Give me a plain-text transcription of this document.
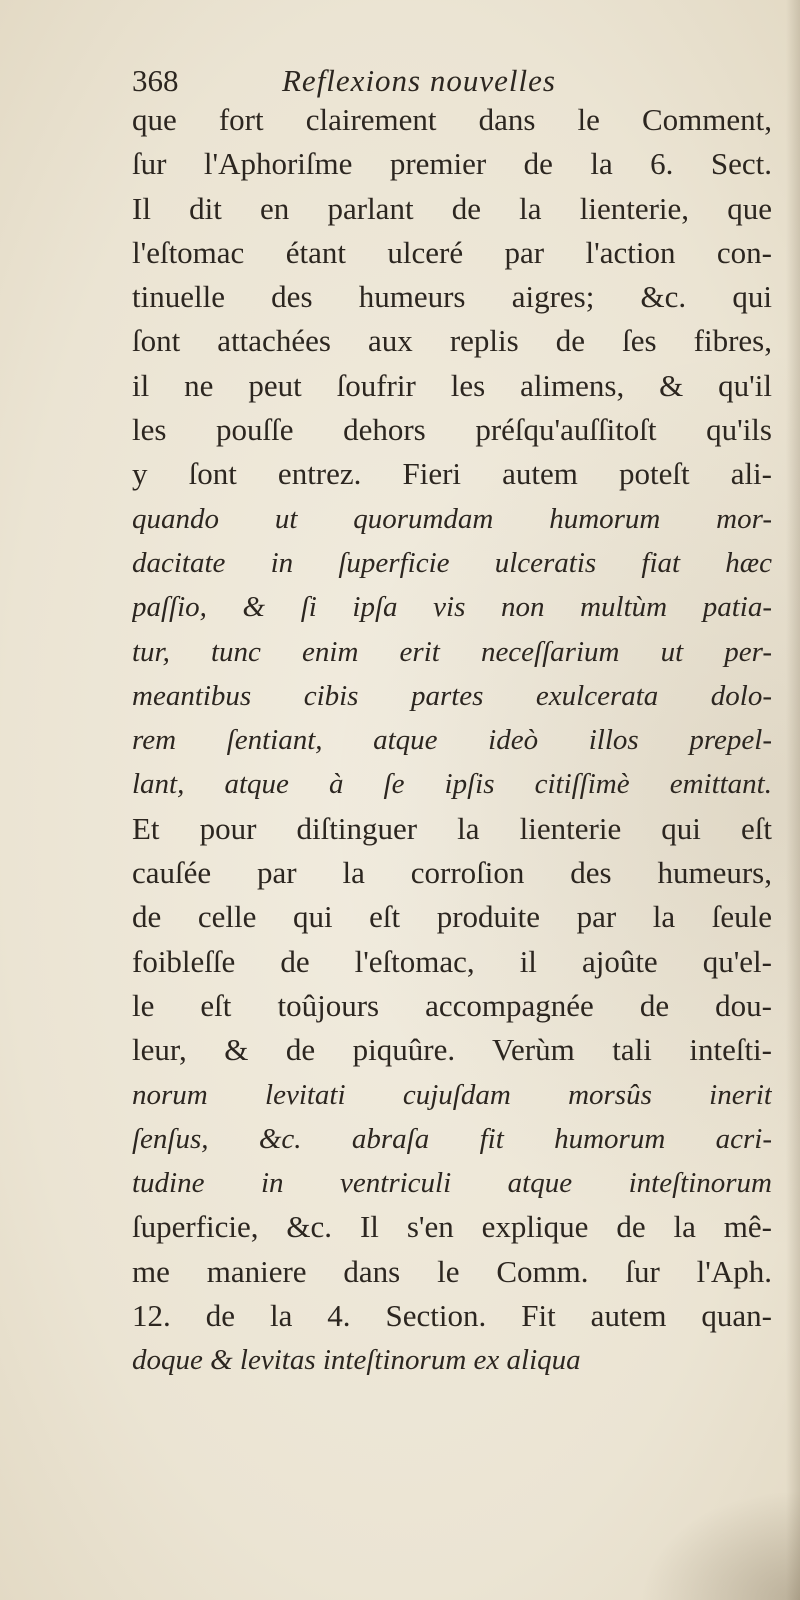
368	Reflexions nouvelles
que fort clairement dans le Comment,
ſur l'Aphoriſme premier de la 6. Sect.
Il dit en parlant de la lienterie, que
l'eſtomac étant ulceré par l'action con-
tinuelle des humeurs aigres; &c. qui
ſont attachées aux replis de ſes fibres,
il ne peut ſoufrir les alimens, & qu'il
les pouſſe dehors préſqu'auſſitoſt qu'ils
y ſont entrez. Fieri autem poteſt ali-
quando ut quorumdam humorum mor-
dacitate in ſuperficie ulceratis fiat hæc
paſſio, & ſi ipſa vis non multùm patia-
tur, tunc enim erit neceſſarium ut per-
meantibus cibis partes exulcerata dolo-
rem ſentiant, atque ideò illos prepel-
lant, atque à ſe ipſis citiſſimè emittant.
Et pour diſtinguer la lienterie qui eſt
cauſée par la corroſion des humeurs,
de celle qui eſt produite par la ſeule
foibleſſe de l'eſtomac, il ajoûte qu'el-
le eſt toûjours accompagnée de dou-
leur, & de piquûre. Verùm tali inteſti-
norum levitati cujuſdam morsûs inerit
ſenſus, &c. abraſa fit humorum acri-
tudine in ventriculi atque inteſtinorum
ſuperficie, &c. Il s'en explique de la mê-
me maniere dans le Comm. ſur l'Aph.
12. de la 4. Section. Fit autem quan-
doque & levitas inteſtinorum ex aliqua
